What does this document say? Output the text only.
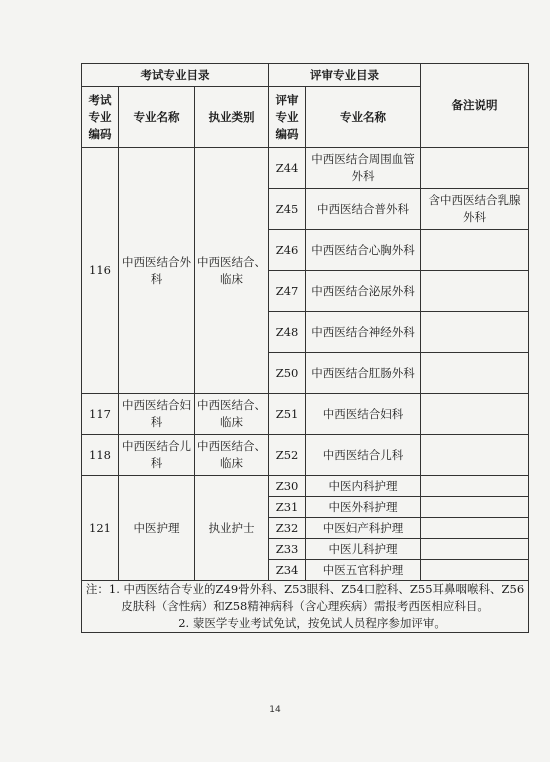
考试专业目录			评审专业目录		备注说明
考试专业编码	专业名称	执业类别	评审专业编码	专业名称	
116	中西医结合外科	中西医结合、临床	Z44	中西医结合周围血管外科	
			Z45	中西医结合普外科	含中西医结合乳腺外科
			Z46	中西医结合心胸外科	
			Z47	中西医结合泌尿外科	
			Z48	中西医结合神经外科	
			Z50	中西医结合肛肠外科	
117	中西医结合妇科	中西医结合、临床	Z51	中西医结合妇科	
118	中西医结合儿科	中西医结合、临床	Z52	中西医结合儿科	
121	中医护理	执业护士	Z30	中医内科护理	
			Z31	中医外科护理	
			Z32	中医妇产科护理	
			Z33	中医儿科护理	
			Z34	中医五官科护理	

注：1. 中西医结合专业的Z49骨外科、Z53眼科、Z54口腔科、Z55耳鼻咽喉科、Z56皮肤科（含性病）和Z58精神病科（含心理疾病）需报考西医相应科目。

2. 蒙医学专业考试免试，按免试人员程序参加评审。					

14
